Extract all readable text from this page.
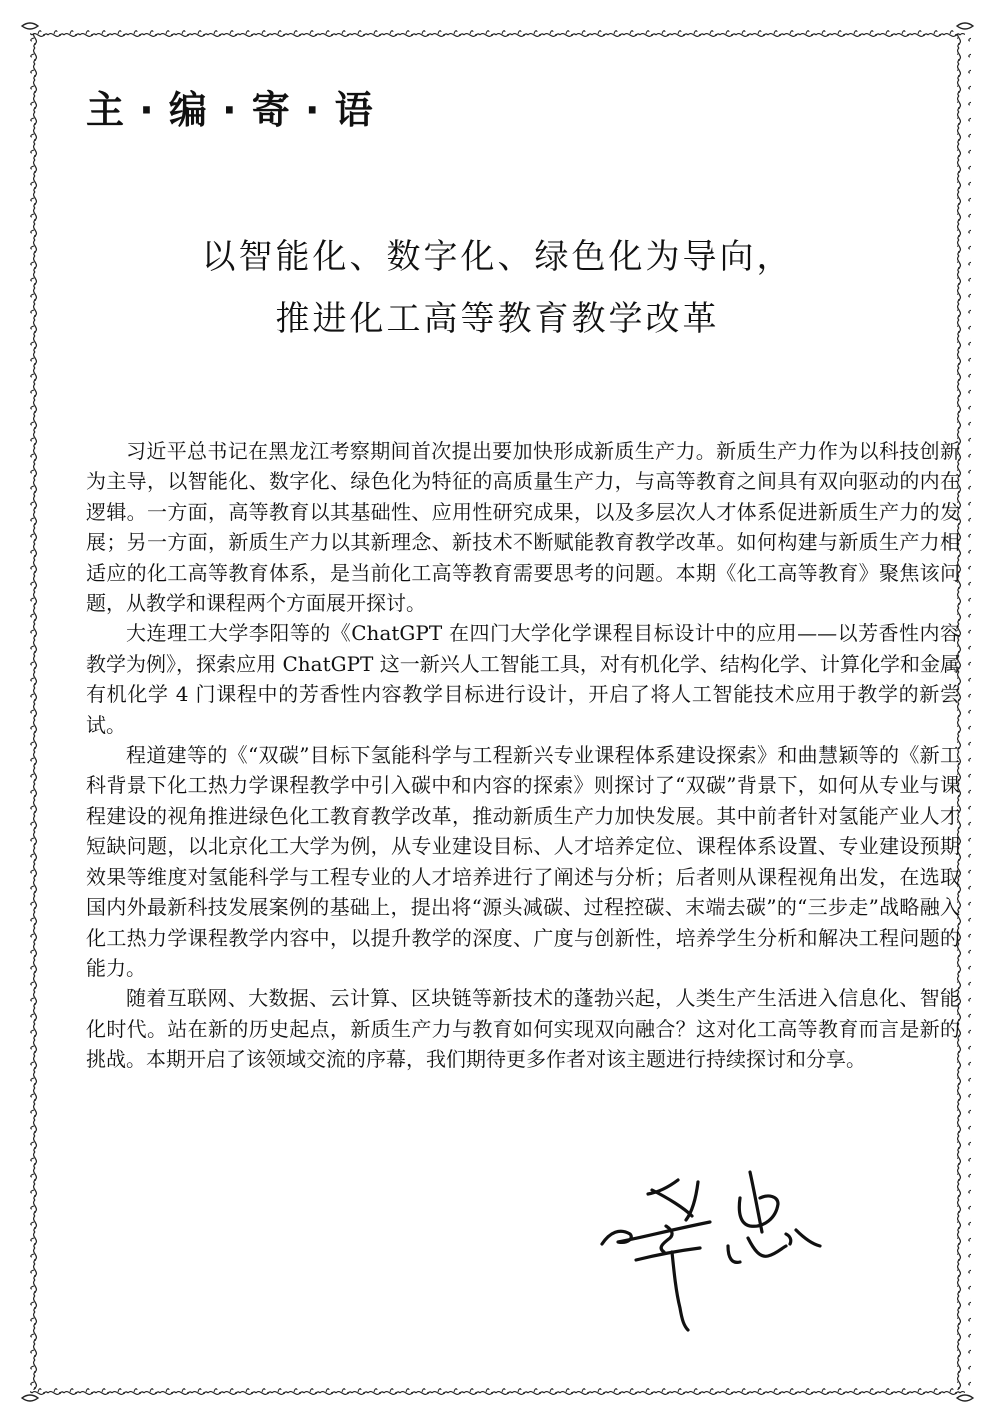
主 · 编 · 寄 · 语
以智能化、数字化、绿色化为导向，
推进化工高等教育教学改革

习近平总书记在黑龙江考察期间首次提出要加快形成新质生产力。新质生产力作为以科技创新为主导，以智能化、数字化、绿色化为特征的高质量生产力，与高等教育之间具有双向驱动的内在逻辑。一方面，高等教育以其基础性、应用性研究成果，以及多层次人才体系促进新质生产力的发展；另一方面，新质生产力以其新理念、新技术不断赋能教育教学改革。如何构建与新质生产力相适应的化工高等教育体系，是当前化工高等教育需要思考的问题。本期《化工高等教育》聚焦该问题，从教学和课程两个方面展开探讨。

大连理工大学李阳等的《ChatGPT 在四门大学化学课程目标设计中的应用——以芳香性内容教学为例》，探索应用 ChatGPT 这一新兴人工智能工具，对有机化学、结构化学、计算化学和金属有机化学 4 门课程中的芳香性内容教学目标进行设计，开启了将人工智能技术应用于教学的新尝试。

程道建等的《“双碳”目标下氢能科学与工程新兴专业课程体系建设探索》和曲慧颖等的《新工科背景下化工热力学课程教学中引入碳中和内容的探索》则探讨了“双碳”背景下，如何从专业与课程建设的视角推进绿色化工教育教学改革，推动新质生产力加快发展。其中前者针对氢能产业人才短缺问题，以北京化工大学为例，从专业建设目标、人才培养定位、课程体系设置、专业建设预期效果等维度对氢能科学与工程专业的人才培养进行了阐述与分析；后者则从课程视角出发，在选取国内外最新科技发展案例的基础上，提出将“源头减碳、过程控碳、末端去碳”的“三步走”战略融入化工热力学课程教学内容中，以提升教学的深度、广度与创新性，培养学生分析和解决工程问题的能力。

随着互联网、大数据、云计算、区块链等新技术的蓬勃兴起，人类生产生活进入信息化、智能化时代。站在新的历史起点，新质生产力与教育如何实现双向融合？这对化工高等教育而言是新的挑战。本期开启了该领域交流的序幕，我们期待更多作者对该主题进行持续探讨和分享。
